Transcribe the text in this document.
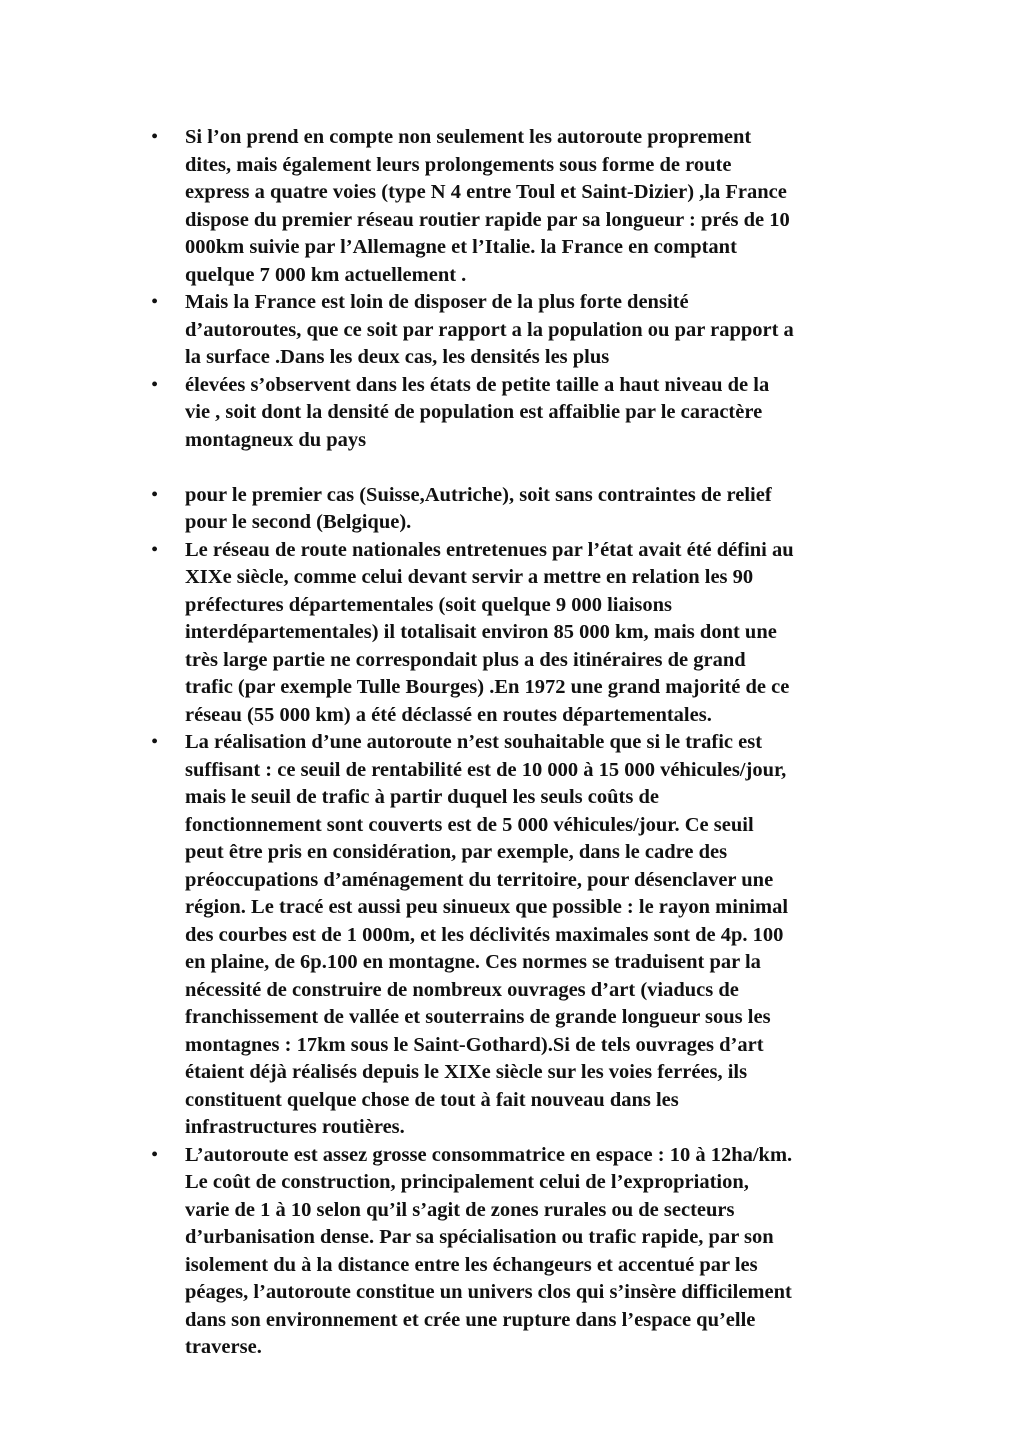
• Si l’on prend en compte non seulement les autoroute proprement
dites, mais également leurs prolongements sous forme de route
express a quatre voies (type N 4 entre Toul et Saint-Dizier) ,la France
dispose du premier réseau routier rapide par sa longueur : prés de 10
000km suivie par l’Allemagne et l’Italie. la France en comptant
quelque 7 000 km actuellement .
• Mais la France est loin de disposer de la plus forte densité
d’autoroutes, que ce soit par rapport a la population ou par rapport a
la surface .Dans les deux cas, les densités les plus
• élevées s’observent dans les états de petite taille a haut niveau de la
vie , soit dont la densité de population est affaiblie par le caractère
montagneux du pays
• pour le premier cas (Suisse,Autriche), soit sans contraintes de relief
pour le second (Belgique).
• Le réseau de route nationales entretenues par l’état avait été défini au
XIXe siècle, comme celui devant servir a mettre en relation les 90
préfectures départementales (soit quelque 9 000 liaisons
interdépartementales) il totalisait environ 85 000 km, mais dont une
très large partie ne correspondait plus a des itinéraires de grand
trafic (par exemple Tulle Bourges) .En 1972 une grand majorité de ce
réseau (55 000 km) a été déclassé en routes départementales.
• La réalisation d’une autoroute n’est souhaitable que si le trafic est
suffisant : ce seuil de rentabilité est de 10 000 à 15 000 véhicules/jour,
mais le seuil de trafic à partir duquel les seuls coûts de
fonctionnement sont couverts est de 5 000 véhicules/jour. Ce seuil
peut être pris en considération, par exemple, dans le cadre des
préoccupations d’aménagement du territoire, pour désenclaver une
région. Le tracé est aussi peu sinueux que possible : le rayon minimal
des courbes est de 1 000m, et les déclivités maximales sont de 4p. 100
en plaine, de 6p.100 en montagne. Ces normes se traduisent par la
nécessité de construire de nombreux ouvrages d’art (viaducs de
franchissement de vallée et souterrains de grande longueur sous les
montagnes : 17km sous le Saint-Gothard).Si de tels ouvrages d’art
étaient déjà réalisés depuis le XIXe siècle sur les voies ferrées, ils
constituent quelque chose de tout à fait nouveau dans les
infrastructures routières.
• L’autoroute est assez grosse consommatrice en espace : 10 à 12ha/km.
Le coût de construction, principalement celui de l’expropriation,
varie de 1 à 10 selon qu’il s’agit de zones rurales ou de secteurs
d’urbanisation dense. Par sa spécialisation ou trafic rapide, par son
isolement du à la distance entre les échangeurs et accentué par les
péages, l’autoroute constitue un univers clos qui s’insère difficilement
dans son environnement et crée une rupture dans l’espace qu’elle
traverse.
